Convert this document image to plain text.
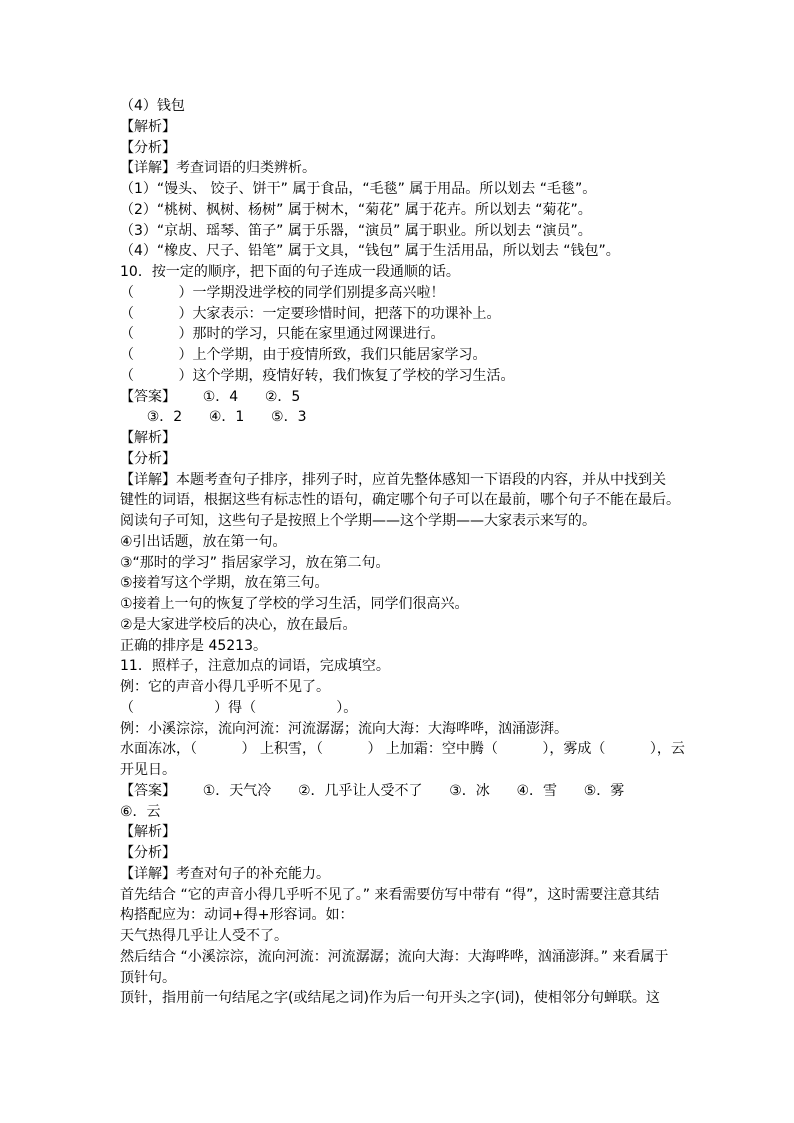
（4）钱包
【解析】
【分析】
【详解】考查词语的归类辨析。
（1）“馒头、 饺子、饼干” 属于食品，“毛毯” 属于用品。所以划去 “毛毯”。
（2）“桃树、枫树、杨树” 属于树木，“菊花” 属于花卉。所以划去 “菊花”。
（3）“京胡、瑶琴、笛子” 属于乐器，“演员” 属于职业。所以划去 “演员”。
（4）“橡皮、尺子、铅笔” 属于文具，“钱包” 属于生活用品，所以划去 “钱包”。
10．按一定的顺序，把下面的句子连成一段通顺的话。
（          ）一学期没进学校的同学们别提多高兴啦！
（          ）大家表示：一定要珍惜时间，把落下的功课补上。
（          ）那时的学习，只能在家里通过网课进行。
（          ）上个学期，由于疫情所致，我们只能居家学习。
（          ）这个学期，疫情好转，我们恢复了学校的学习生活。
【答案】      ①．4      ②．5
③．2      ④．1      ⑤．3
【解析】
【分析】
【详解】本题考查句子排序，排列子时，应首先整体感知一下语段的内容，并从中找到关
键性的词语，根据这些有标志性的语句，确定哪个句子可以在最前，哪个句子不能在最后。
阅读句子可知，这些句子是按照上个学期——这个学期——大家表示来写的。
④引出话题，放在第一句。
③“那时的学习” 指居家学习，放在第二句。
⑤接着写这个学期，放在第三句。
①接着上一句的恢复了学校的学习生活，同学们很高兴。
②是大家进学校后的决心，放在最后。
正确的排序是 45213。
11．照样子，注意加点的词语，完成填空。
例：它的声音小得几乎听不见了。
（                  ）得（                  ）。
例：小溪淙淙，流向河流：河流潺潺；流向大海：大海哗哗，汹涌澎湃。
水面冻冰，（          ） 上积雪，（          ） 上加霜：空中腾（          ），雾成（          ），云
开见日。
【答案】      ①．天气冷      ②．几乎让人受不了      ③．冰      ④．雪      ⑤．雾
⑥．云
【解析】
【分析】
【详解】考查对句子的补充能力。
首先结合 “它的声音小得几乎听不见了。” 来看需要仿写中带有 “得”，这时需要注意其结
构搭配应为：动词+得+形容词。如：
天气热得几乎让人受不了。
然后结合 “小溪淙淙，流向河流：河流潺潺；流向大海：大海哗哗，汹涌澎湃。” 来看属于
顶针句。
顶针，指用前一句结尾之字(或结尾之词)作为后一句开头之字(词)，使相邻分句蝉联。这
